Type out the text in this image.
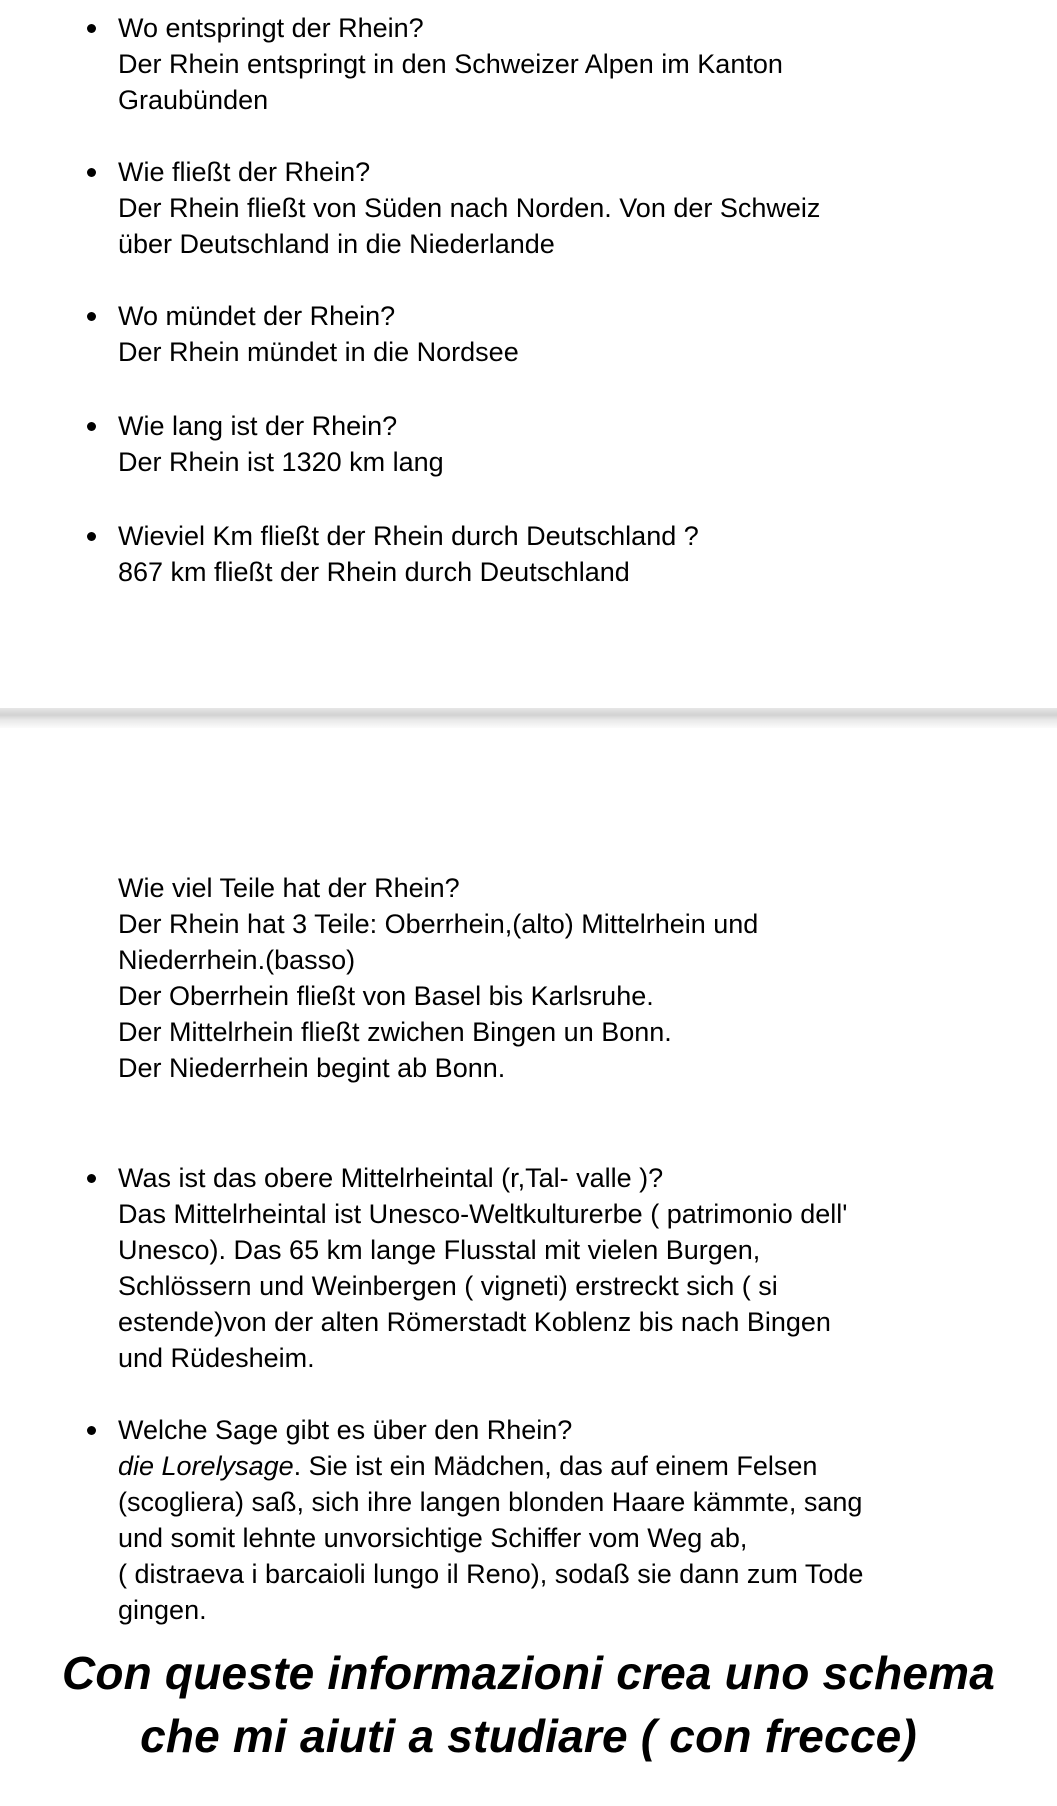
Wo entspringt der Rhein?
Der Rhein entspringt in den Schweizer Alpen im Kanton
Graubünden
Wie fließt der Rhein?
Der Rhein fließt von Süden nach Norden. Von der Schweiz
über Deutschland in die Niederlande
Wo mündet der Rhein?
Der Rhein mündet in die Nordsee
Wie lang ist der Rhein?
Der Rhein ist 1320 km lang
Wieviel Km fließt der Rhein durch Deutschland ?
867 km fließt der Rhein durch Deutschland
Wie viel Teile hat der Rhein?
Der Rhein hat 3 Teile: Oberrhein,(alto) Mittelrhein und
Niederrhein.(basso)
Der Oberrhein fließt von Basel bis Karlsruhe.
Der Mittelrhein fließt zwichen Bingen un Bonn.
Der Niederrhein begint ab Bonn.
Was ist das obere Mittelrheintal (r,Tal- valle )?
Das Mittelrheintal ist Unesco-Weltkulturerbe ( patrimonio dell'
Unesco). Das 65 km lange Flusstal mit vielen Burgen,
Schlössern und Weinbergen ( vigneti) erstreckt sich ( si
estende)von der alten Römerstadt Koblenz bis nach Bingen
und Rüdesheim.
Welche Sage gibt es über den Rhein?
die Lorelysage. Sie ist ein Mädchen, das auf einem Felsen
(scogliera) saß, sich ihre langen blonden Haare kämmte, sang
und somit lehnte unvorsichtige Schiffer vom Weg ab,
( distraeva i barcaioli lungo il Reno), sodaß sie dann zum Tode
gingen.
Con queste informazioni crea uno schema
che mi aiuti a studiare ( con frecce)
